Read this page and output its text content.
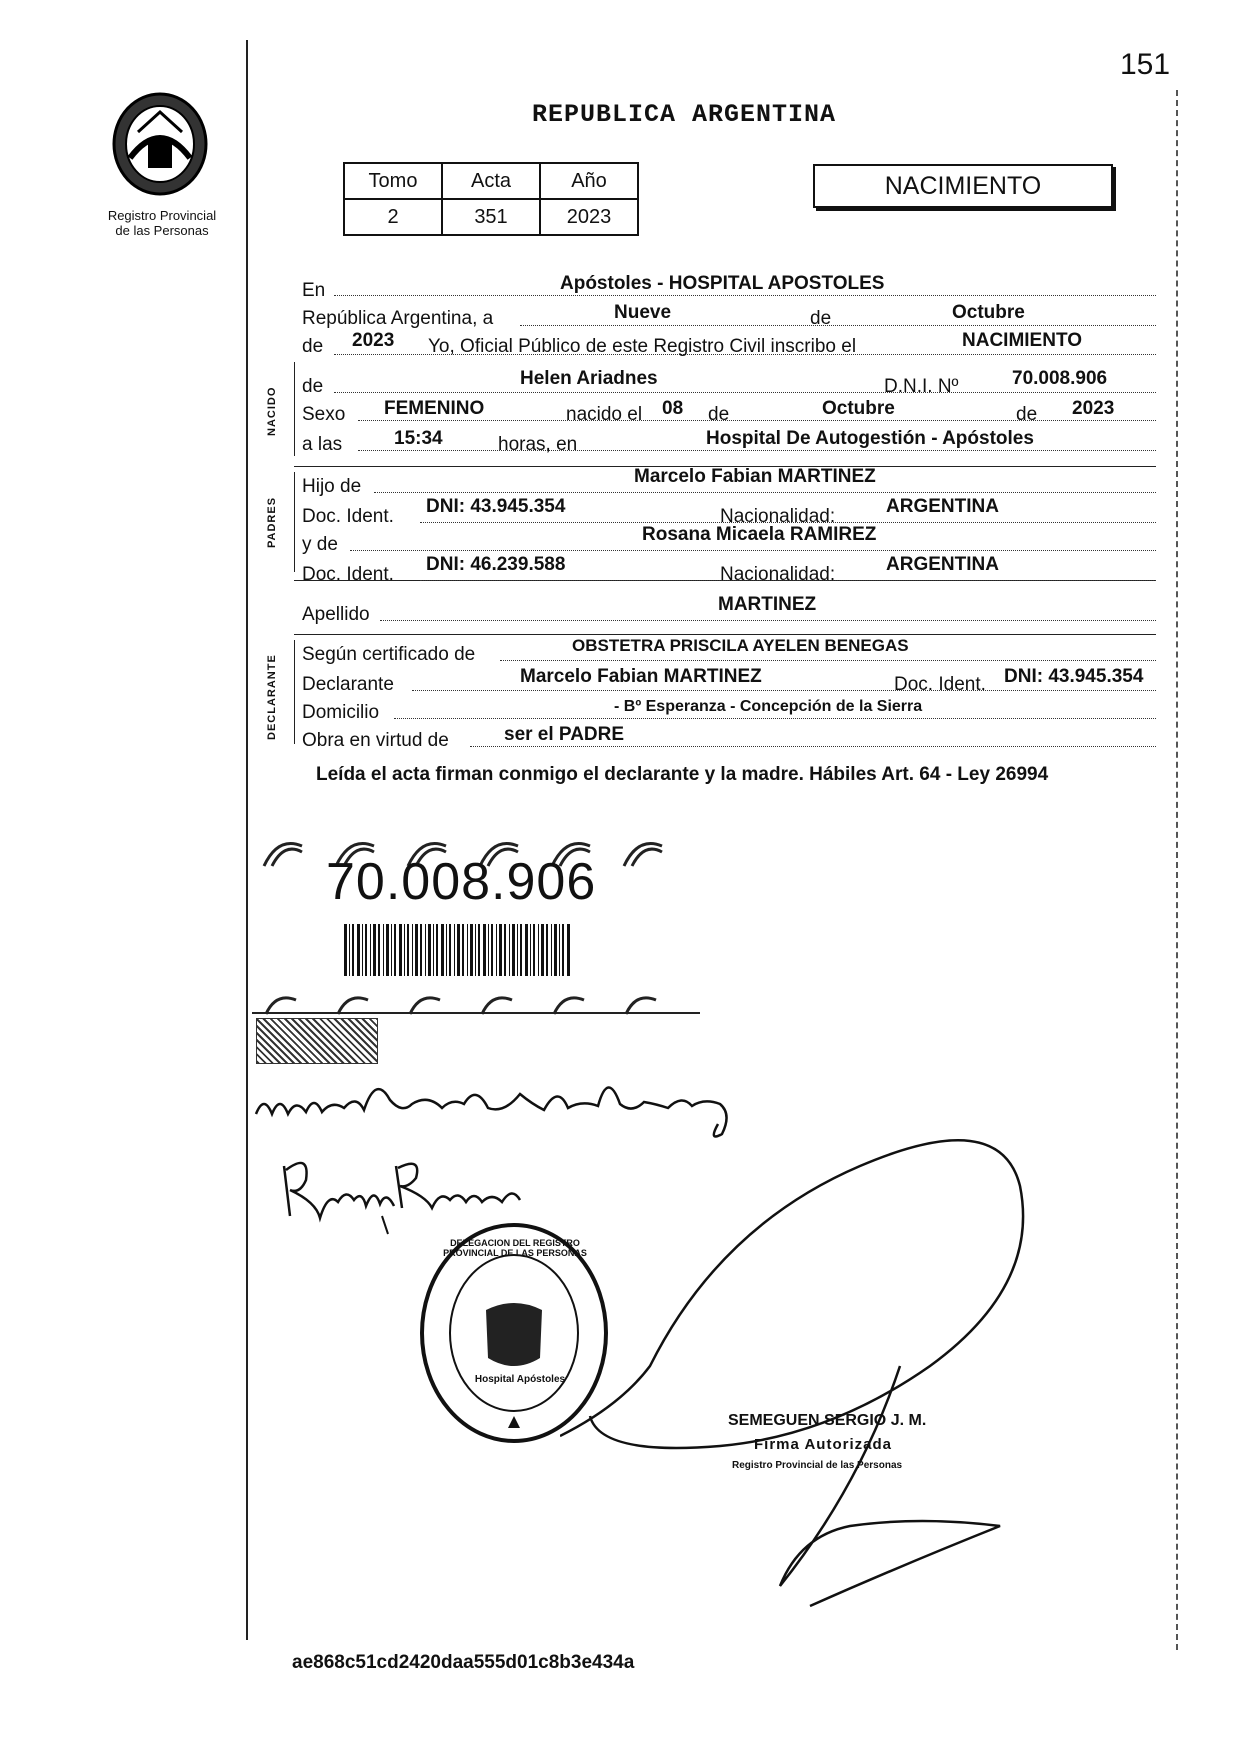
151
Registro Provincial
de las Personas
REPUBLICA ARGENTINA
Tomo	Acta	Año
2	351	2023
NACIMIENTO
NACIDO
PADRES
DECLARANTE
En	Apóstoles - HOSPITAL APOSTOLES
República Argentina, a	Nueve	de	Octubre
de 2023 Yo, Oficial Público de este Registro Civil inscribo el	NACIMIENTO
de	Helen Ariadnes	D.N.I. Nº	70.008.906
Sexo FEMENINO	nacido el 08 de	Octubre	de 2023
a las	15:34	horas, en	Hospital De Autogestión - Apóstoles
Hijo de	Marcelo Fabian MARTINEZ
Doc. Ident. DNI: 43.945.354	Nacionalidad:	ARGENTINA
y de	Rosana Micaela RAMIREZ
Doc. Ident. DNI: 46.239.588	Nacionalidad:	ARGENTINA
Apellido	MARTINEZ
Según certificado de	OBSTETRA PRISCILA AYELEN BENEGAS
Declarante	Marcelo Fabian MARTINEZ	Doc. Ident. DNI: 43.945.354
Domicilio	- Bº Esperanza - Concepción de la Sierra
Obra en virtud de	ser el PADRE
Leída el acta firman conmigo el declarante y la madre. Hábiles Art. 64 - Ley 26994
70.008.906
DELEGACION DEL REGISTRO PROVINCIAL DE LAS PERSONAS
Hospital Apóstoles
SEMEGUEN SERGIO J. M.
Firma Autorizada
Registro Provincial de las Personas
ae868c51cd2420daa555d01c8b3e434a
